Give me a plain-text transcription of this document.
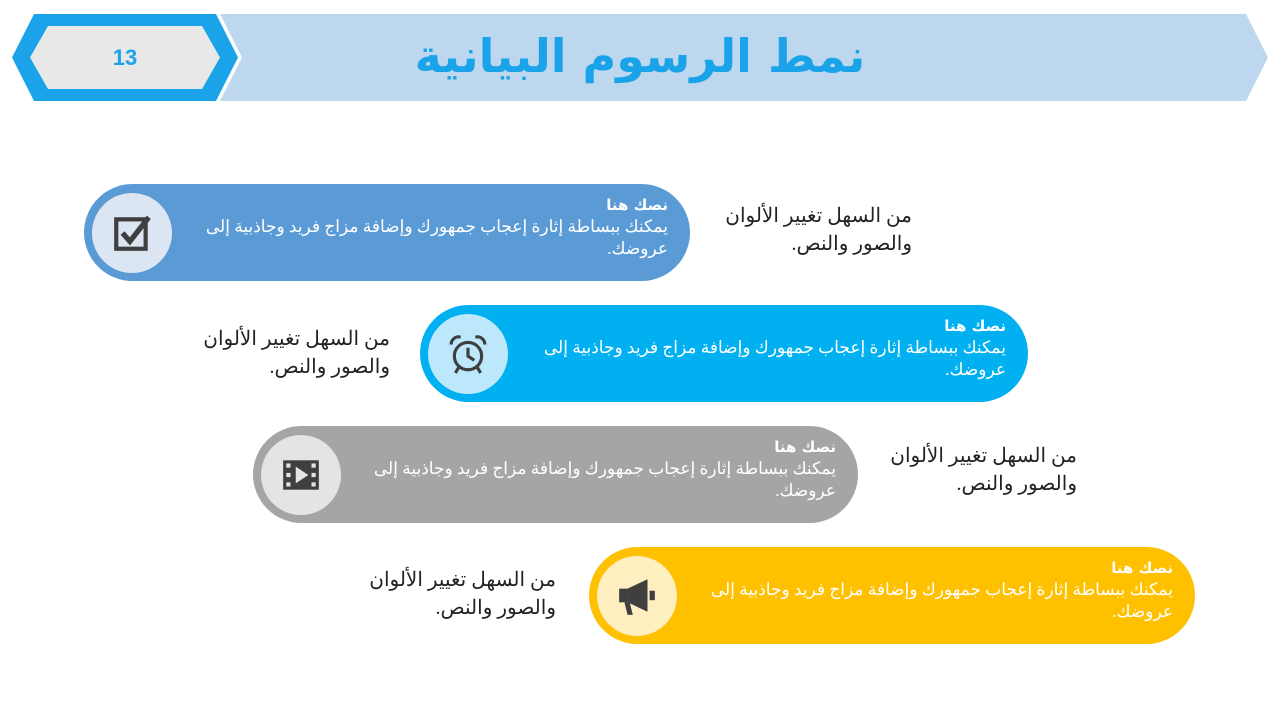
نمط الرسوم البيانية
13
نصك هنا
يمكنك ببساطة إثارة إعجاب جمهورك وإضافة مزاج فريد وجاذبية إلى عروضك.
من السهل تغيير الألوان والصور والنص.
نصك هنا
يمكنك ببساطة إثارة إعجاب جمهورك وإضافة مزاج فريد وجاذبية إلى عروضك.
من السهل تغيير الألوان والصور والنص.
نصك هنا
يمكنك ببساطة إثارة إعجاب جمهورك وإضافة مزاج فريد وجاذبية إلى عروضك.
من السهل تغيير الألوان والصور والنص.
نصك هنا
يمكنك ببساطة إثارة إعجاب جمهورك وإضافة مزاج فريد وجاذبية إلى عروضك.
من السهل تغيير الألوان والصور والنص.
